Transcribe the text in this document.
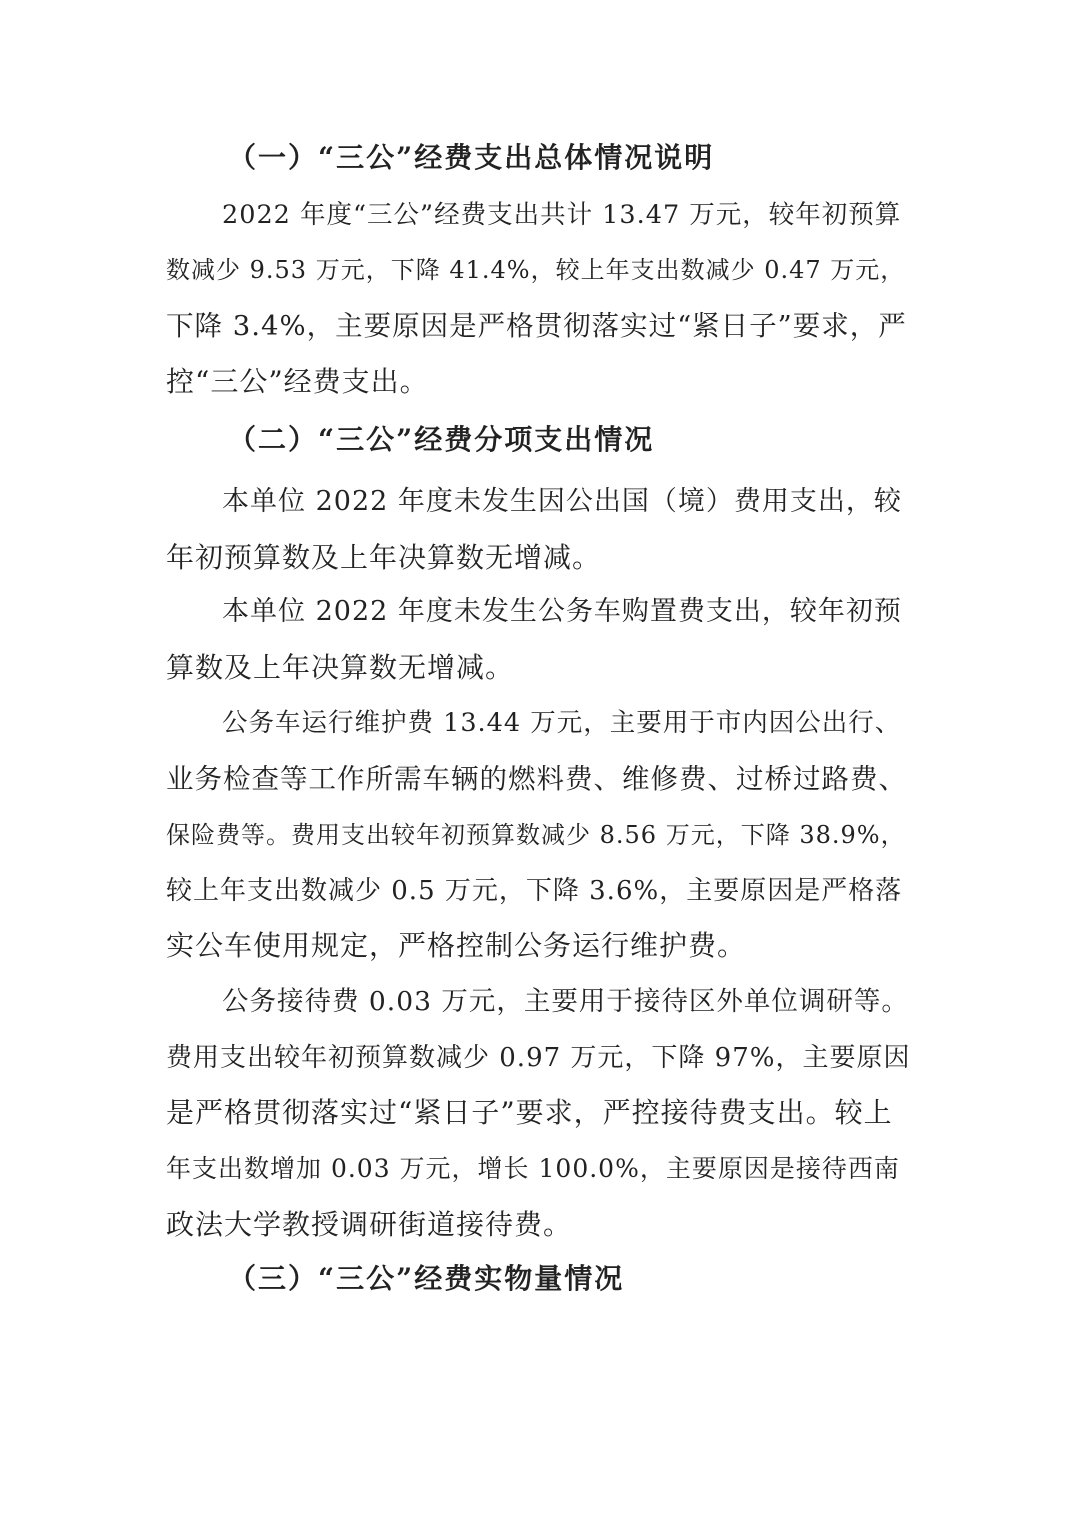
（一）“三公”经费支出总体情况说明
2022 年度“三公”经费支出共计 13.47 万元，较年初预算
数减少 9.53 万元，下降 41.4%，较上年支出数减少 0.47 万元，
下降 3.4%，主要原因是严格贯彻落实过“紧日子”要求，严
控“三公”经费支出。
（二）“三公”经费分项支出情况
本单位 2022 年度未发生因公出国（境）费用支出，较
年初预算数及上年决算数无增减。
本单位 2022 年度未发生公务车购置费支出，较年初预
算数及上年决算数无增减。
公务车运行维护费 13.44 万元，主要用于市内因公出行、
业务检查等工作所需车辆的燃料费、维修费、过桥过路费、
保险费等。费用支出较年初预算数减少 8.56 万元，下降 38.9%，
较上年支出数减少 0.5 万元，下降 3.6%，主要原因是严格落
实公车使用规定，严格控制公务运行维护费。
公务接待费 0.03 万元，主要用于接待区外单位调研等。
费用支出较年初预算数减少 0.97 万元，下降 97%，主要原因
是严格贯彻落实过“紧日子”要求，严控接待费支出。较上
年支出数增加 0.03 万元，增长 100.0%，主要原因是接待西南
政法大学教授调研街道接待费。
（三）“三公”经费实物量情况
